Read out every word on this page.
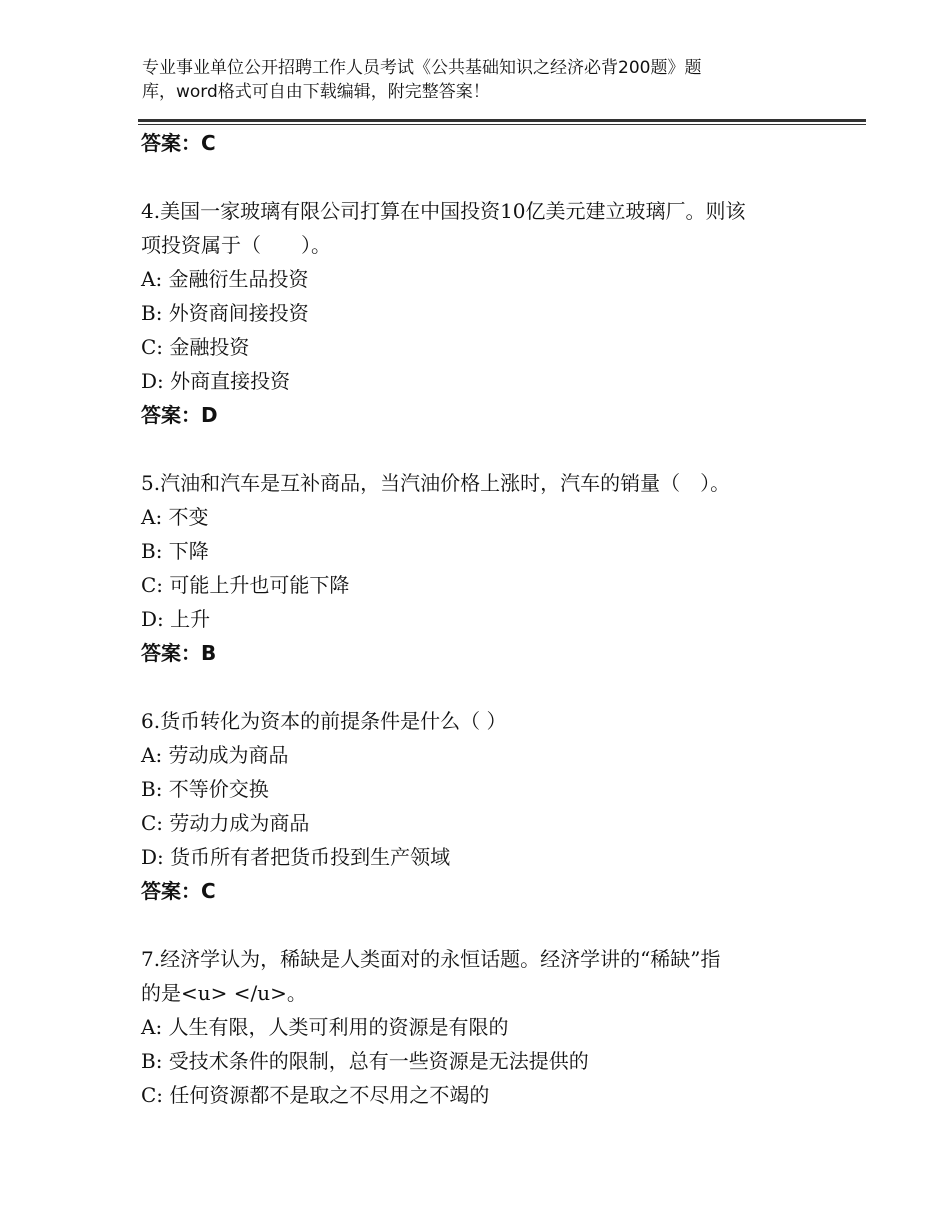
专业事业单位公开招聘工作人员考试《公共基础知识之经济必背200题》题
库，word格式可自由下载编辑，附完整答案！
答案：C
4.美国一家玻璃有限公司打算在中国投资10亿美元建立玻璃厂。则该
项投资属于（　　）。
A: 金融衍生品投资
B: 外资商间接投资
C: 金融投资
D: 外商直接投资
答案：D
5.汽油和汽车是互补商品，当汽油价格上涨时，汽车的销量（　）。
A: 不变
B: 下降
C: 可能上升也可能下降
D: 上升
答案：B
6.货币转化为资本的前提条件是什么（ ）
A: 劳动成为商品
B: 不等价交换
C: 劳动力成为商品
D: 货币所有者把货币投到生产领域
答案：C
7.经济学认为，稀缺是人类面对的永恒话题。经济学讲的“稀缺”指
的是<u> </u>。
A: 人生有限，人类可利用的资源是有限的
B: 受技术条件的限制，总有一些资源是无法提供的
C: 任何资源都不是取之不尽用之不竭的
